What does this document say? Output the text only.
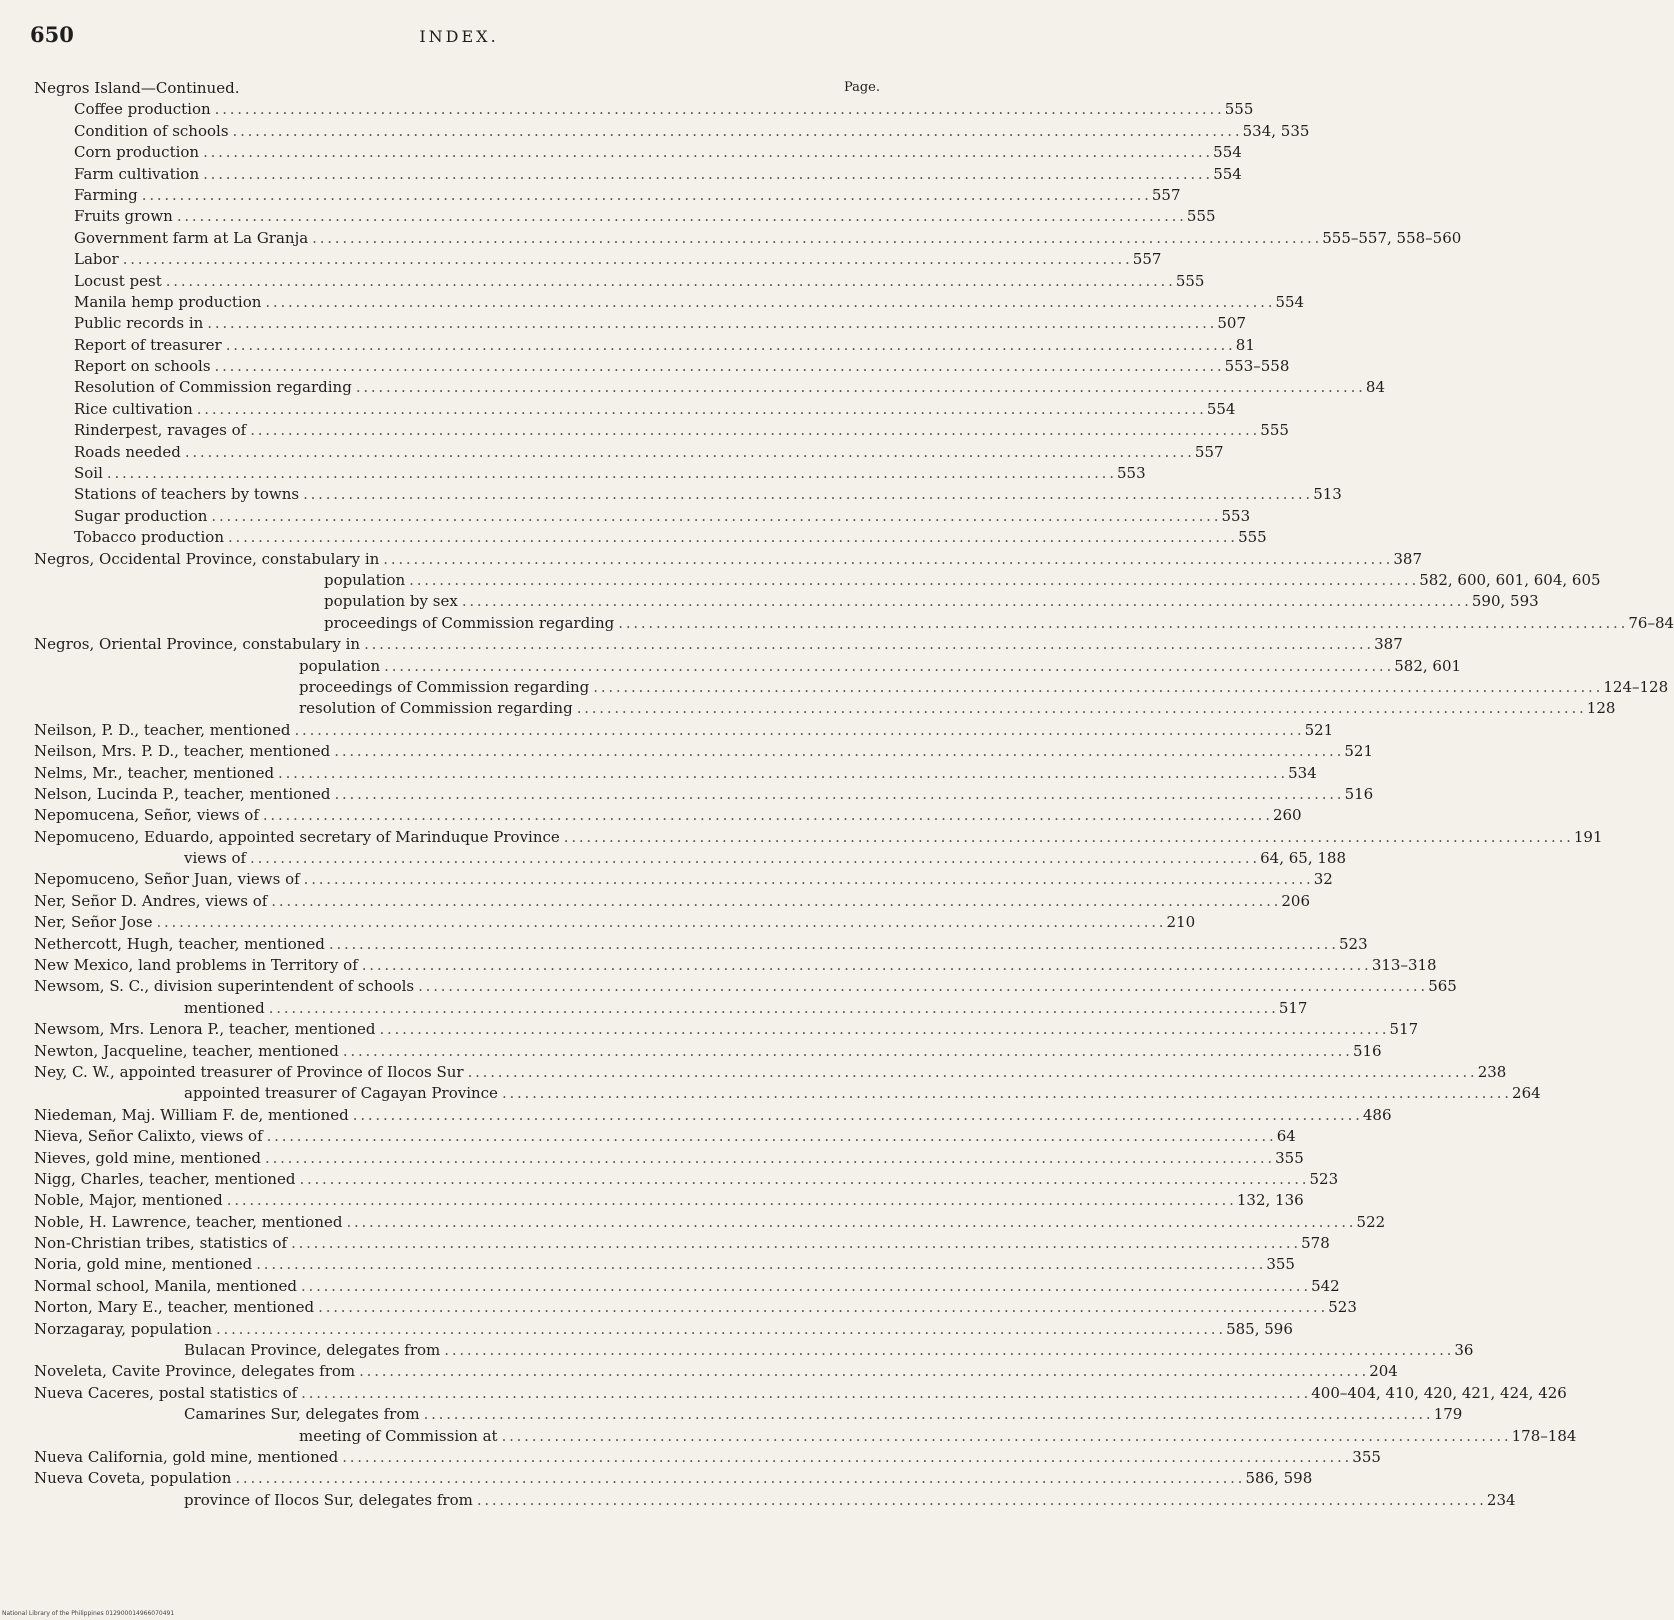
650	INDEX.
Negros Island—Continued.	Page.
Coffee production . . .	555
Condition of schools . . .	534, 535
Corn production . . .	554
Farm cultivation . . .	554
Farming . . .	557
Fruits grown . . .	555
Government farm at La Granja . . .	555–557, 558–560
Labor . . .	557
Locust pest . . .	555
Manila hemp production . . .	554
Public records in . . .	507
Report of treasurer . . .	81
Report on schools . . .	553–558
Resolution of Commission regarding . . .	84
Rice cultivation . . .	554
Rinderpest, ravages of . . .	555
Roads needed . . .	557
Soil . . .	553
Stations of teachers by towns . . .	513
Sugar production . . .	553
Tobacco production . . .	555
Negros, Occidental Province, constabulary in . . .	387
population . . .	582, 600, 601, 604, 605
population by sex . . .	590, 593
proceedings of Commission regarding . . .	76–84
Negros, Oriental Province, constabulary in . . .	387
population . . .	582, 601
proceedings of Commission regarding . . .	124–128
resolution of Commission regarding . . .	128
Neilson, P. D., teacher, mentioned . . .	521
Neilson, Mrs. P. D., teacher, mentioned . . .	521
Nelms, Mr., teacher, mentioned . . .	534
Nelson, Lucinda P., teacher, mentioned . . .	516
Nepomucena, Señor, views of . . .	260
Nepomuceno, Eduardo, appointed secretary of Marinduque Province . . .	191
views of . . .	64, 65, 188
Nepomuceno, Señor Juan, views of . . .	32
Ner, Señor D. Andres, views of . . .	206
Ner, Señor Jose . . .	210
Nethercott, Hugh, teacher, mentioned . . .	523
New Mexico, land problems in Territory of . . .	313–318
Newsom, S. C., division superintendent of schools . . .	565
mentioned . . .	517
Newsom, Mrs. Lenora P., teacher, mentioned . . .	517
Newton, Jacqueline, teacher, mentioned . . .	516
Ney, C. W., appointed treasurer of Province of Ilocos Sur . . .	238
appointed treasurer of Cagayan Province . . .	264
Niedeman, Maj. William F. de, mentioned . . .	486
Nieva, Señor Calixto, views of . . .	64
Nieves, gold mine, mentioned . . .	355
Nigg, Charles, teacher, mentioned . . .	523
Noble, Major, mentioned . . .	132, 136
Noble, H. Lawrence, teacher, mentioned . . .	522
Non-Christian tribes, statistics of . . .	578
Noria, gold mine, mentioned . . .	355
Normal school, Manila, mentioned . . .	542
Norton, Mary E., teacher, mentioned . . .	523
Norzagaray, population . . .	585, 596
Bulacan Province, delegates from . . .	36
Noveleta, Cavite Province, delegates from . . .	204
Nueva Caceres, postal statistics of . . .	400–404, 410, 420, 421, 424, 426
Camarines Sur, delegates from . . .	179
meeting of Commission at . . .	178–184
Nueva California, gold mine, mentioned . . .	355
Nueva Coveta, population . . .	586, 598
province of Ilocos Sur, delegates from . . .	234
National Library of the Philippines 012900014966070491
